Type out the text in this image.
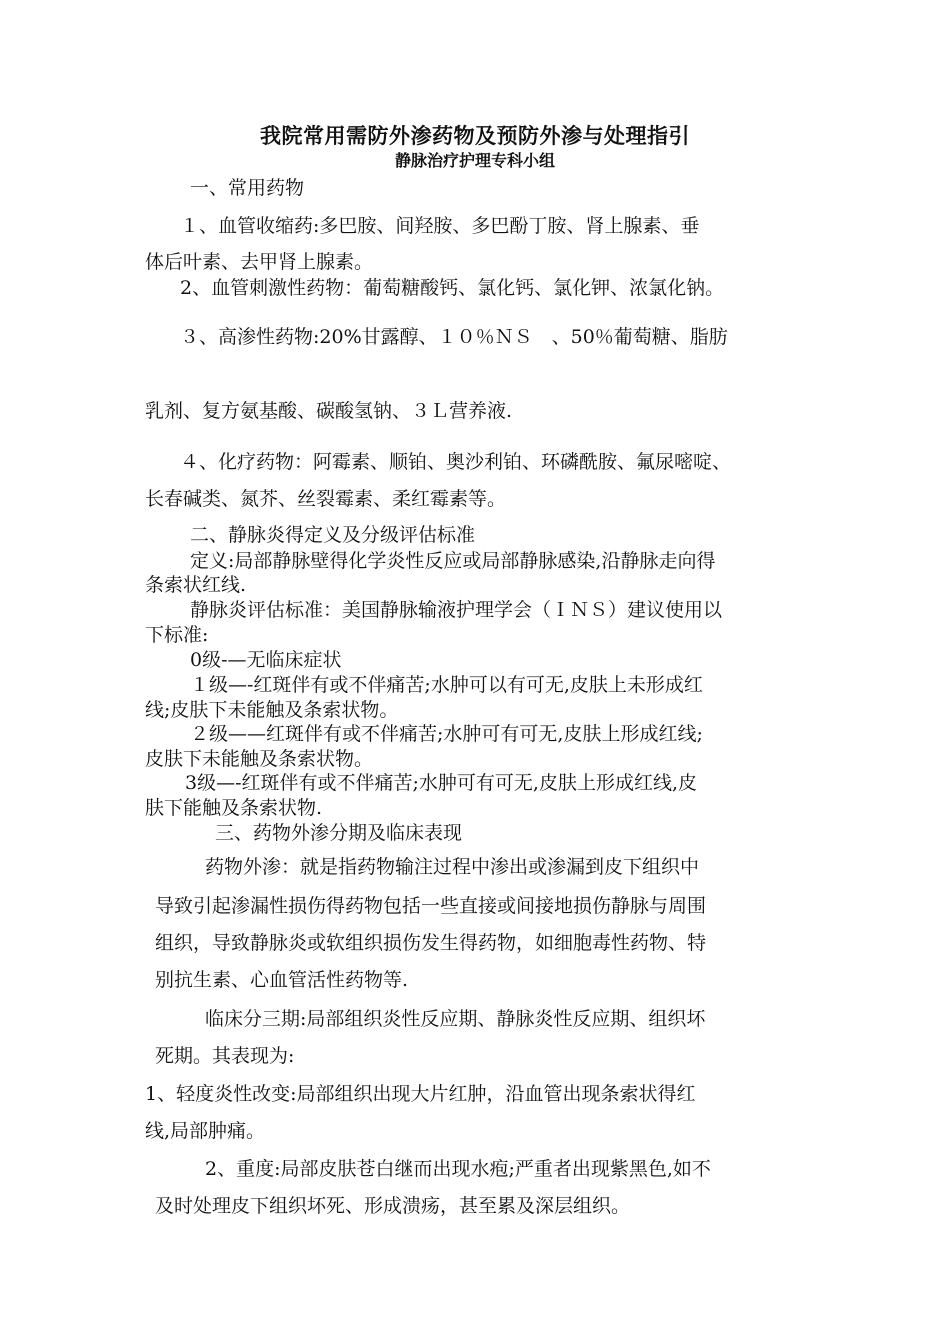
我院常用需防外渗药物及预防外渗与处理指引
静脉治疗护理专科小组
一、常用药物
１、血管收缩药:多巴胺、间羟胺、多巴酚丁胺、肾上腺素、垂
体后叶素、去甲肾上腺素。
2、血管刺激性药物：葡萄糖酸钙、氯化钙、氯化钾、浓氯化钠。
３、高渗性药物:20%甘露醇、１０％ＮＳ　、50％葡萄糖、脂肪
乳剂、复方氨基酸、碳酸氢钠、３Ｌ营养液.
４、化疗药物：阿霉素、顺铂、奥沙利铂、环磷酰胺、氟尿嘧啶、
长春碱类、氮芥、丝裂霉素、柔红霉素等。
二、静脉炎得定义及分级评估标准
定义:局部静脉壁得化学炎性反应或局部静脉感染,沿静脉走向得
条索状红线.
静脉炎评估标准：美国静脉输液护理学会（ＩＮＳ）建议使用以
下标准:
0级-—无临床症状
１级—-红斑伴有或不伴痛苦;水肿可以有可无,皮肤上未形成红
线;皮肤下未能触及条索状物。
２级——红斑伴有或不伴痛苦;水肿可有可无,皮肤上形成红线;
皮肤下未能触及条索状物。
3级—-红斑伴有或不伴痛苦;水肿可有可无,皮肤上形成红线,皮
肤下能触及条索状物.
三、药物外渗分期及临床表现
药物外渗：就是指药物输注过程中渗出或渗漏到皮下组织中
导致引起渗漏性损伤得药物包括一些直接或间接地损伤静脉与周围
组织，导致静脉炎或软组织损伤发生得药物，如细胞毒性药物、特
别抗生素、心血管活性药物等.
临床分三期:局部组织炎性反应期、静脉炎性反应期、组织坏
死期。其表现为:
1、轻度炎性改变:局部组织出现大片红肿，沿血管出现条索状得红
线,局部肿痛。
2、重度:局部皮肤苍白继而出现水疱;严重者出现紫黑色,如不
及时处理皮下组织坏死、形成溃疡，甚至累及深层组织。
